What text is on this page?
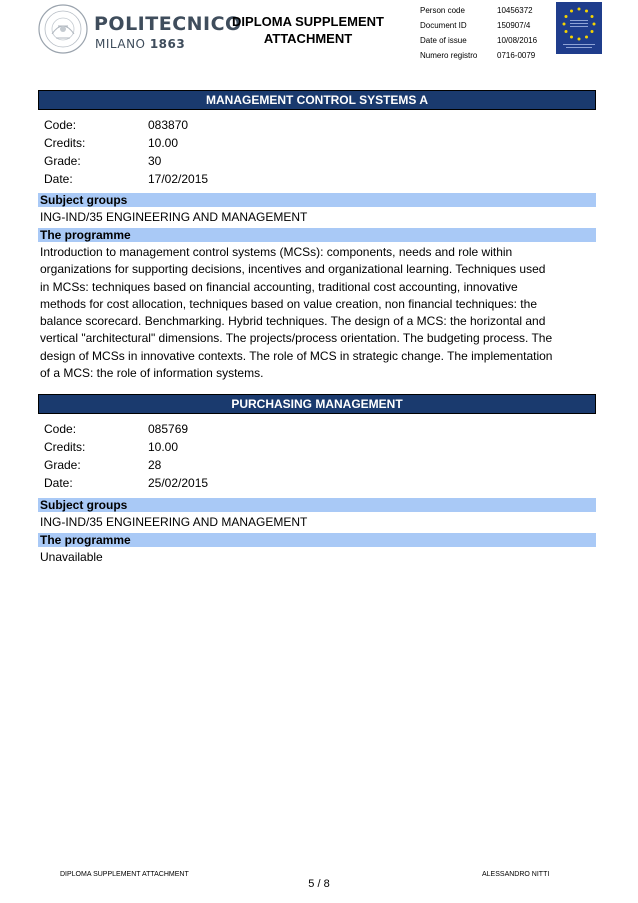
POLITECNICO
MILANO 1863
DIPLOMA SUPPLEMENT
ATTACHMENT
Person code	10456372
Document ID	150907/4
Date of issue	10/08/2016
Numero registro	0716-0079
MANAGEMENT CONTROL SYSTEMS A
Code:	083870
Credits:	10.00
Grade:	30
Date:	17/02/2015
Subject groups
ING-IND/35 ENGINEERING AND MANAGEMENT
The programme
Introduction to management control systems (MCSs): components, needs and role within
organizations for supporting decisions, incentives and organizational learning. Techniques used
in MCSs: techniques based on financial accounting, traditional cost accounting, innovative
methods for cost allocation, techniques based on value creation, non financial techniques: the
balance scorecard. Benchmarking. Hybrid techniques. The design of a MCS: the horizontal and
vertical "architectural" dimensions. The projects/process orientation. The budgeting process. The
design of MCSs in innovative contexts. The role of MCS in strategic change. The implementation
of a MCS: the role of information systems.
PURCHASING MANAGEMENT
Code:	085769
Credits:	10.00
Grade:	28
Date:	25/02/2015
Subject groups
ING-IND/35 ENGINEERING AND MANAGEMENT
The programme
Unavailable
DIPLOMA SUPPLEMENT ATTACHMENT	ALESSANDRO NITTI
5 / 8
